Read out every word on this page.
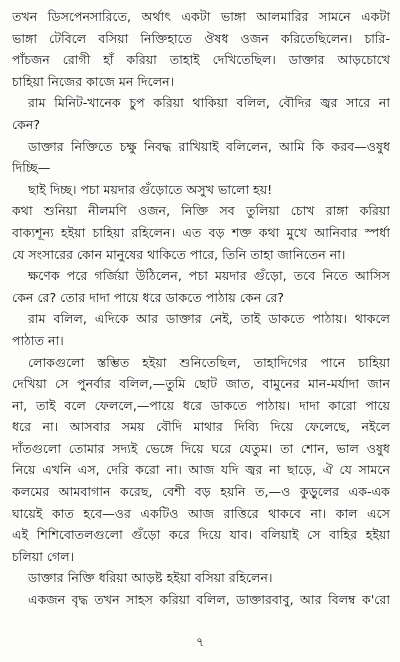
তখন ডিসপেনসারিতে, অর্থাৎ একটা ভাঙ্গা আলমারির সামনে একটা
ভাঙ্গা টেবিলে বসিয়া নিক্তিহাতে ঔষধ ওজন করিতেছিলেন। চারি-
পাঁচজন রোগী হাঁ করিয়া তাহাই দেখিতেছিল। ডাক্তার আড়চোখে
চাহিয়া নিজের কাজে মন দিলেন।
রাম মিনিট-খানেক চুপ করিয়া থাকিয়া বলিল, বৌদির জ্বর সারে না
কেন?
ডাক্তার নিক্তিতে চক্ষু নিবদ্ধ রাখিয়াই বলিলেন, আমি কি করব—ওষুধ
দিচ্ছি—
ছাই দিচ্ছ। পচা ময়দার গুঁড়োতে অসুখ ভালো হয়!
কথা শুনিয়া নীলমণি ওজন, নিক্তি সব তুলিয়া চোখ রাঙ্গা করিয়া
বাক্যশূন্য হইয়া চাহিয়া রহিলেন। এত বড় শক্ত কথা মুখে আনিবার স্পর্ধা
যে সংসারের কোন মানুষের থাকিতে পারে, তিনি তাহা জানিতেন না।
ক্ষণেক পরে গর্জিয়া উঠিলেন, পচা ময়দার গুঁড়ো, তবে নিতে আসিস
কেন রে? তোর দাদা পায়ে ধরে ডাকতে পাঠায় কেন রে?
রাম বলিল, এদিকে আর ডাক্তার নেই, তাই ডাকতে পাঠায়। থাকলে
পাঠাত না।
লোকগুলো স্তম্ভিত হইয়া শুনিতেছিল, তাহাদিগের পানে চাহিয়া
দেখিয়া সে পুনর্বার বলিল,—তুমি ছোট জাত, বামুনের মান-মর্যাদা জান
না, তাই বলে ফেললে,—পায়ে ধরে ডাকতে পাঠায়। দাদা কারো পায়ে
ধরে না। আসবার সময় বৌদি মাথার দিব্যি দিয়ে ফেলেছে, নইলে
দাঁতগুলো তোমার সদ্যই ভেঙ্গে দিয়ে ঘরে যেতুম। তা শোন, ভাল ওষুধ
নিয়ে এখনি এস, দেরি করো না। আজ যদি জ্বর না ছাড়ে, ঐ যে সামনে
কলমের আমবাগান করেছ, বেশী বড় হয়নি ত,—ও কুড়ুলের এক-এক
ঘায়েই কাত হবে—ওর একটিও আজ রাত্তিরে থাকবে না। কাল এসে
এই শিশিবোতলগুলো গুঁড়ো করে দিয়ে যাব। বলিয়াই সে বাহির হইয়া
চলিয়া গেল।
ডাক্তার নিক্তি ধরিয়া আড়ষ্ট হইয়া বসিয়া রহিলেন।
একজন বৃদ্ধ তখন সাহস করিয়া বলিল, ডাক্তারবাবু, আর বিলম্ব ক'রো
৭
